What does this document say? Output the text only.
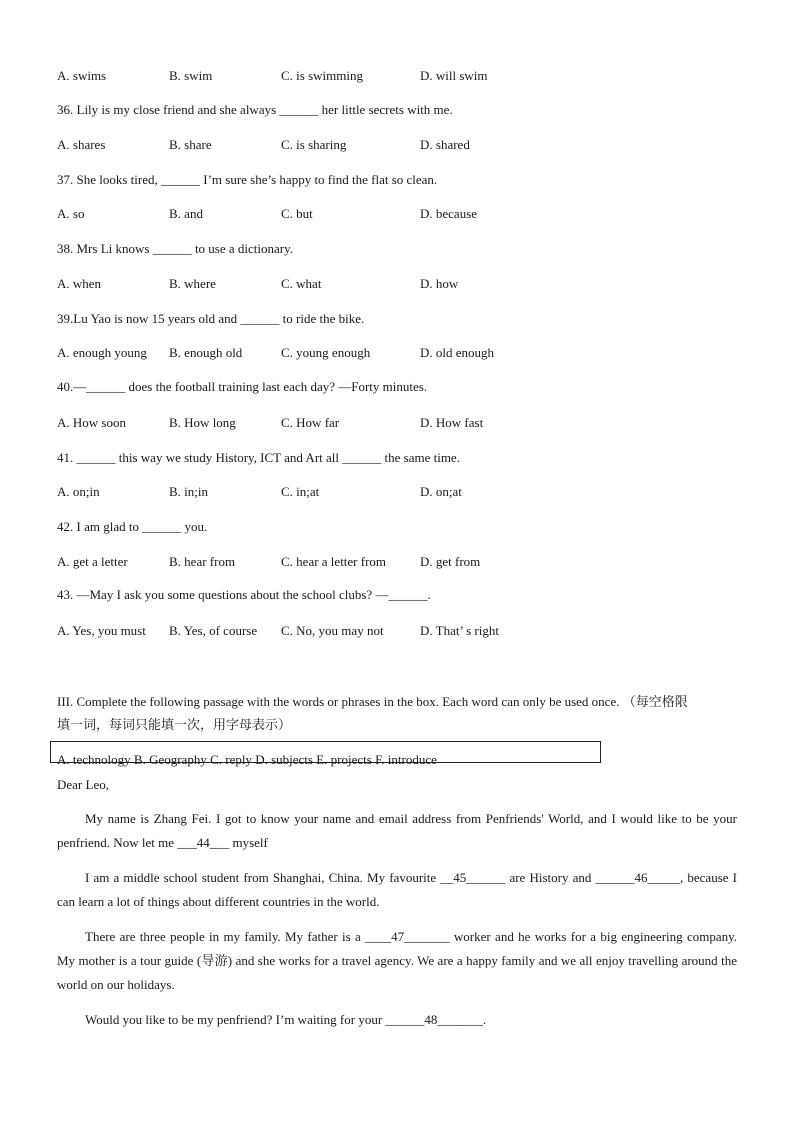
A. swims	B. swim	C. is swimming	D. will swim
36. Lily is my close friend and she always ______ her little secrets with me.
A. shares	B. share	C. is sharing	D. shared
37. She looks tired, ______ I’m sure she’s happy to find the flat so clean.
A. so	B. and	C. but	D. because
38. Mrs Li knows ______ to use a dictionary.
A. when	B. where	C. what	D. how
39.Lu Yao is now 15 years old and ______ to ride the bike.
A. enough young B. enough old	C. young enough	D. old enough
40.—______ does the football training last each day? —Forty minutes.
A. How soon	B. How long	C. How far	D. How fast
41. ______ this way we study History, ICT and Art all ______ the same time.
A. on;in	B. in;in	C. in;at	D. on;at
42. I am glad to ______ you.
A. get a letter	B. hear from	C. hear a letter from	D. get from
43. —May I ask you some questions about the school clubs? —______.
A. Yes, you must B. Yes, of course C. No, you may not	D. That’ s right
III. Complete the following passage with the words or phrases in the box. Each word can only be used once. （每空格限
填一词，每词只能填一次，用字母表示）
A. technology B. Geography C. reply D. subjects E. projects F. introduce
Dear Leo,
My name is Zhang Fei. I got to know your name and email address from Penfriends' World, and I would like to be your penfriend. Now let me ___44___ myself
I am a middle school student from Shanghai, China. My favourite __45______ are History and ______46_____, because I can learn a lot of things about different countries in the world.
There are three people in my family. My father is a ____47_______ worker and he works for a big engineering company. My mother is a tour guide (导游) and she works for a travel agency. We are a happy family and we all enjoy travelling around the world on our holidays.
Would you like to be my penfriend? I’m waiting for your ______48_______.
